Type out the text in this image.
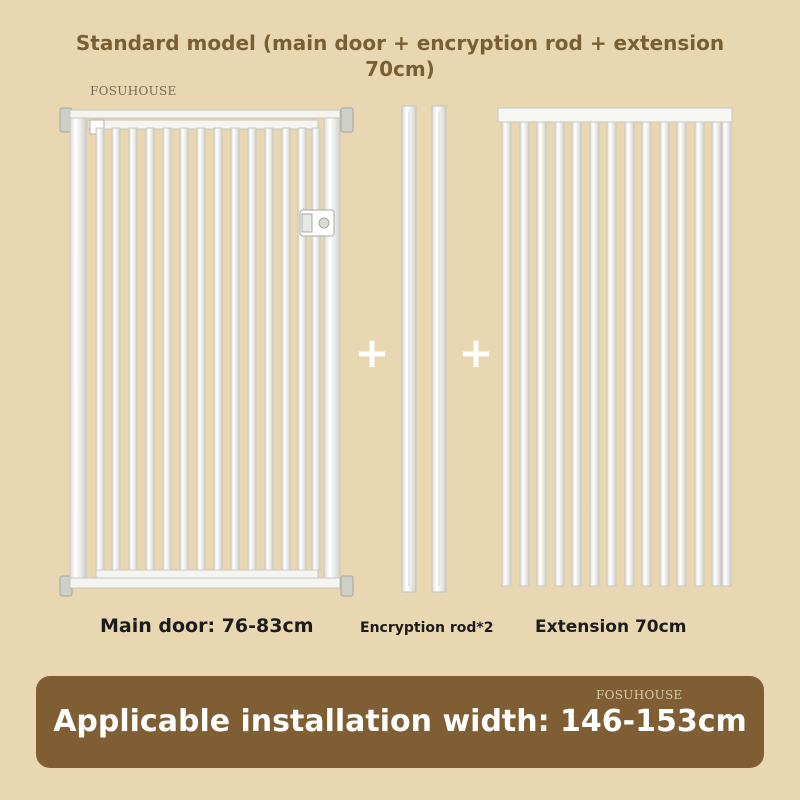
Standard model (main door + encryption rod + extension 70cm)
FOSUHOUSE
+ +
Main door: 76-83cm	Encryption rod*2 Extension 70cm
Applicable installation width: 146-153cm
FOSUHOUSE
